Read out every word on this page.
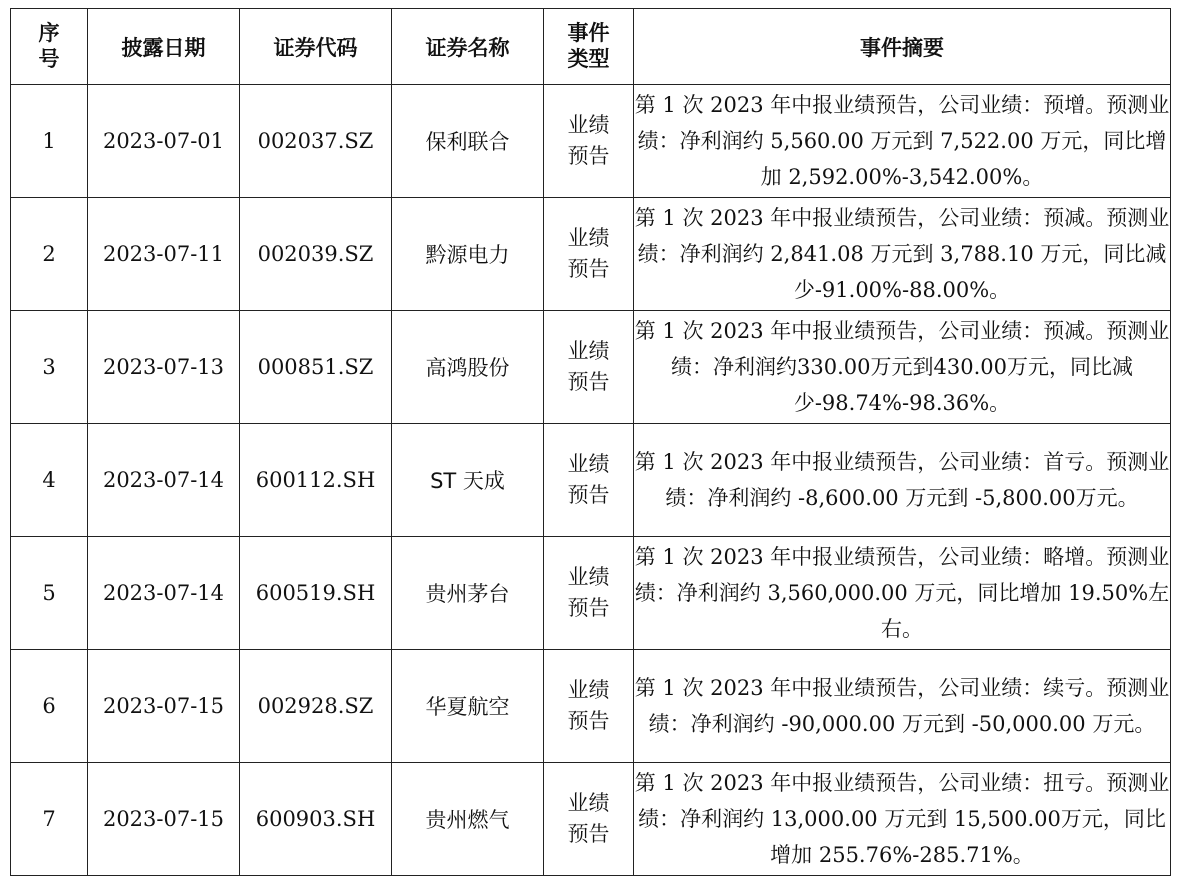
序号	披露日期	证券代码	证券名称	事件类型	事件摘要
1	2023-07-01	002037.SZ	保利联合	业绩预告	第 1 次 2023 年中报业绩预告，公司业绩：预增。预测业绩：净利润约 5,560.00 万元到 7,522.00 万元，同比增加 2,592.00%-3,542.00%。
2	2023-07-11	002039.SZ	黔源电力	业绩预告	第 1 次 2023 年中报业绩预告，公司业绩：预减。预测业绩：净利润约 2,841.08 万元到 3,788.10 万元，同比减少-91.00%-88.00%。
3	2023-07-13	000851.SZ	高鸿股份	业绩预告	第 1 次 2023 年中报业绩预告，公司业绩：预减。预测业绩：净利润约330.00万元到430.00万元，同比减少-98.74%-98.36%。
4	2023-07-14	600112.SH	ST 天成	业绩预告	第 1 次 2023 年中报业绩预告，公司业绩：首亏。预测业绩：净利润约 -8,600.00 万元到 -5,800.00万元。
5	2023-07-14	600519.SH	贵州茅台	业绩预告	第 1 次 2023 年中报业绩预告，公司业绩：略增。预测业绩：净利润约 3,560,000.00 万元，同比增加 19.50%左右。
6	2023-07-15	002928.SZ	华夏航空	业绩预告	第 1 次 2023 年中报业绩预告，公司业绩：续亏。预测业绩：净利润约 -90,000.00 万元到 -50,000.00 万元。
7	2023-07-15	600903.SH	贵州燃气	业绩预告	第 1 次 2023 年中报业绩预告，公司业绩：扭亏。预测业绩：净利润约 13,000.00 万元到 15,500.00万元，同比增加 255.76%-285.71%。
